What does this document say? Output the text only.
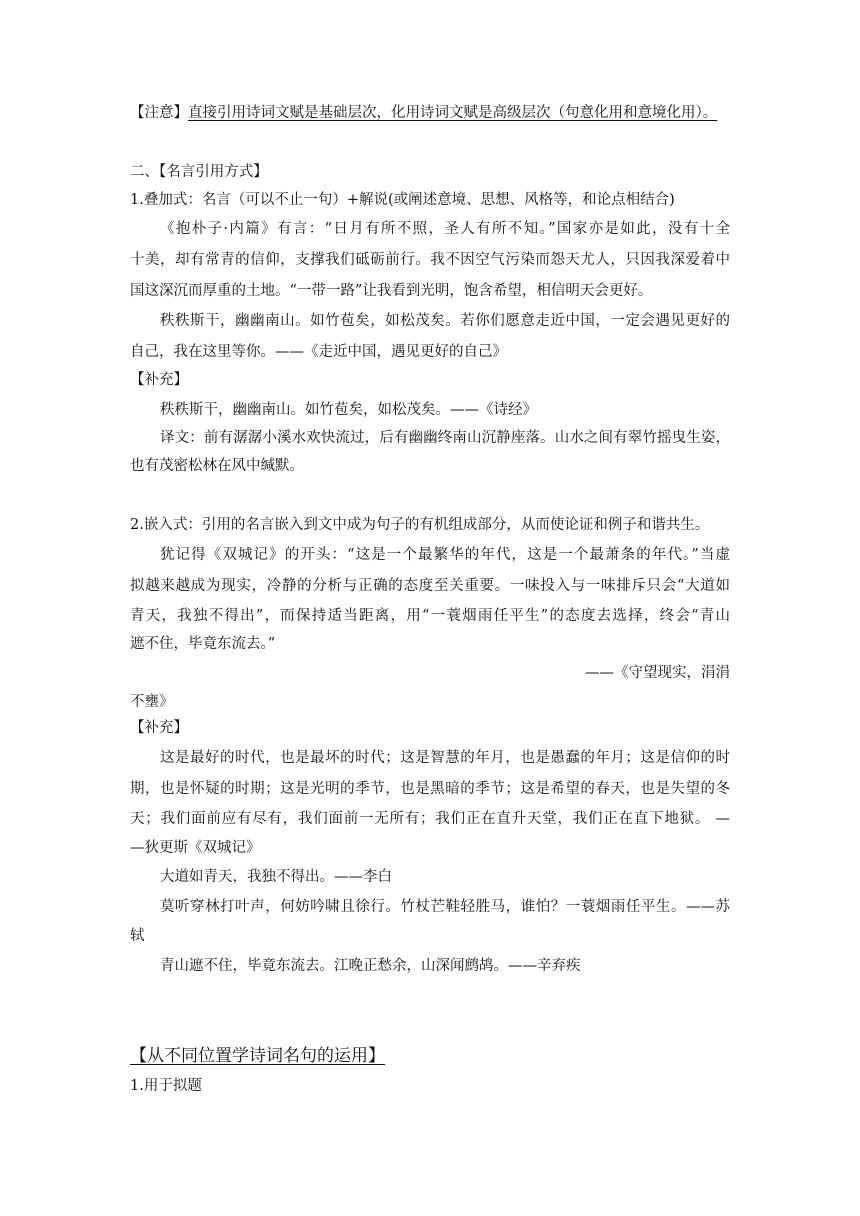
【注意】直接引用诗词文赋是基础层次，化用诗词文赋是高级层次（句意化用和意境化用）。
二、【名言引用方式】
1.叠加式：名言（可以不止一句）+解说(或阐述意境、思想、风格等，和论点相结合)
《抱朴子·内篇》有言：“日月有所不照，圣人有所不知。”国家亦是如此，没有十全
十美，却有常青的信仰，支撑我们砥砺前行。我不因空气污染而怨天尤人，只因我深爱着中
国这深沉而厚重的土地。“一带一路”让我看到光明，饱含希望，相信明天会更好。
秩秩斯干，幽幽南山。如竹苞矣，如松茂矣。若你们愿意走近中国，一定会遇见更好的
自己，我在这里等你。——《走近中国，遇见更好的自己》
【补充】
秩秩斯干，幽幽南山。如竹苞矣，如松茂矣。——《诗经》
译文：前有潺潺小溪水欢快流过，后有幽幽终南山沉静座落。山水之间有翠竹摇曳生姿，
也有茂密松林在风中缄默。
2.嵌入式：引用的名言嵌入到文中成为句子的有机组成部分，从而使论证和例子和谐共生。
犹记得《双城记》的开头：“这是一个最繁华的年代，这是一个最萧条的年代。”当虚
拟越来越成为现实，冷静的分析与正确的态度至关重要。一味投入与一味排斥只会“大道如
青天，我独不得出”，而保持适当距离，用“一蓑烟雨任平生”的态度去选择，终会“青山
遮不住，毕竟东流去。”
——《守望现实，涓涓
不壅》
【补充】
这是最好的时代，也是最坏的时代；这是智慧的年月，也是愚蠢的年月；这是信仰的时
期，也是怀疑的时期；这是光明的季节，也是黑暗的季节；这是希望的春天，也是失望的冬
天；我们面前应有尽有，我们面前一无所有；我们正在直升天堂，我们正在直下地狱。 —
—狄更斯《双城记》
大道如青天，我独不得出。——李白
莫听穿林打叶声，何妨吟啸且徐行。竹杖芒鞋轻胜马，谁怕？一蓑烟雨任平生。——苏
轼
青山遮不住，毕竟东流去。江晚正愁余，山深闻鹧鸪。——辛弃疾
【从不同位置学诗词名句的运用】
1.用于拟题
